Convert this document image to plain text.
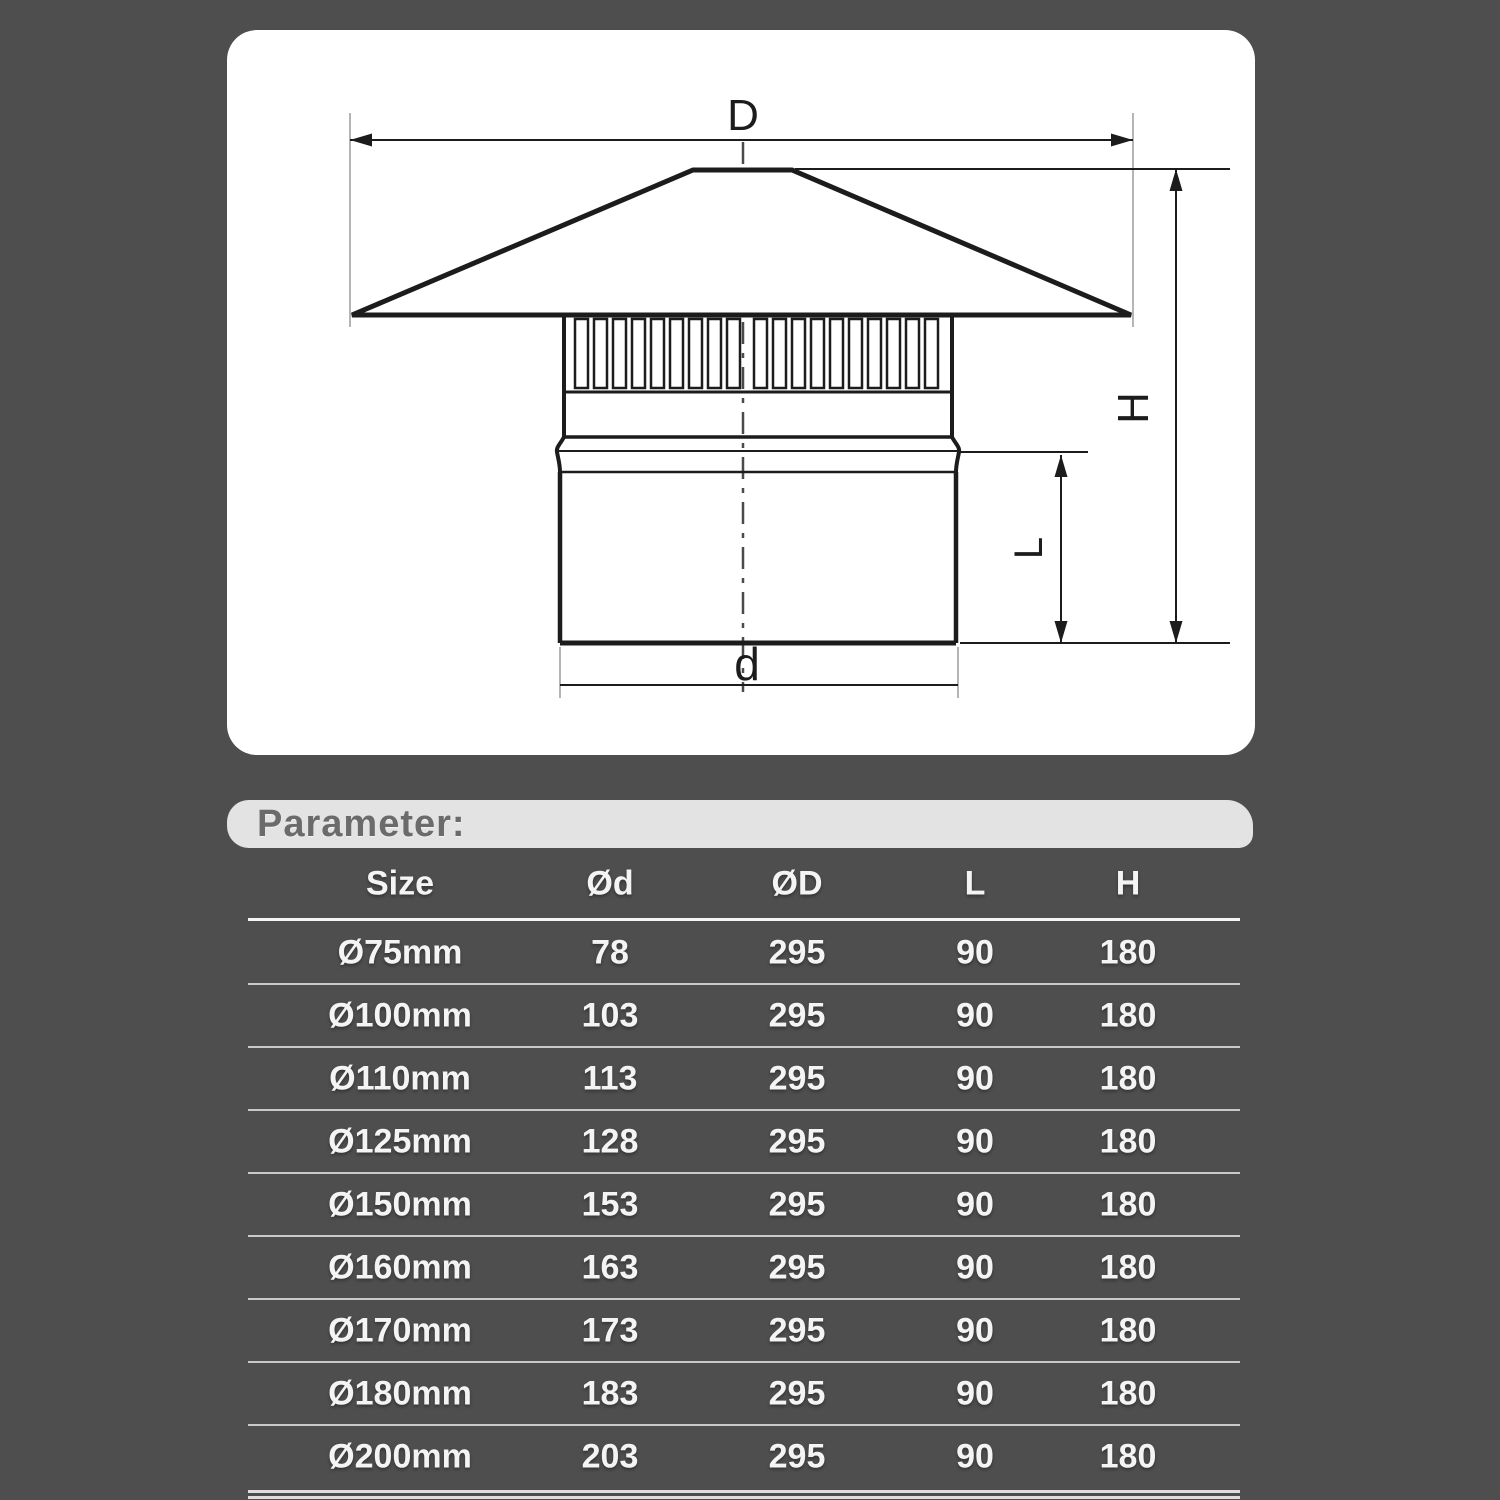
D
d
H
L
Parameter:
Size	Ød	ØD	L	H
Ø75mm	78	295	90	180
Ø100mm	103	295	90	180
Ø110mm	113	295	90	180
Ø125mm	128	295	90	180
Ø150mm	153	295	90	180
Ø160mm	163	295	90	180
Ø170mm	173	295	90	180
Ø180mm	183	295	90	180
Ø200mm	203	295	90	180
